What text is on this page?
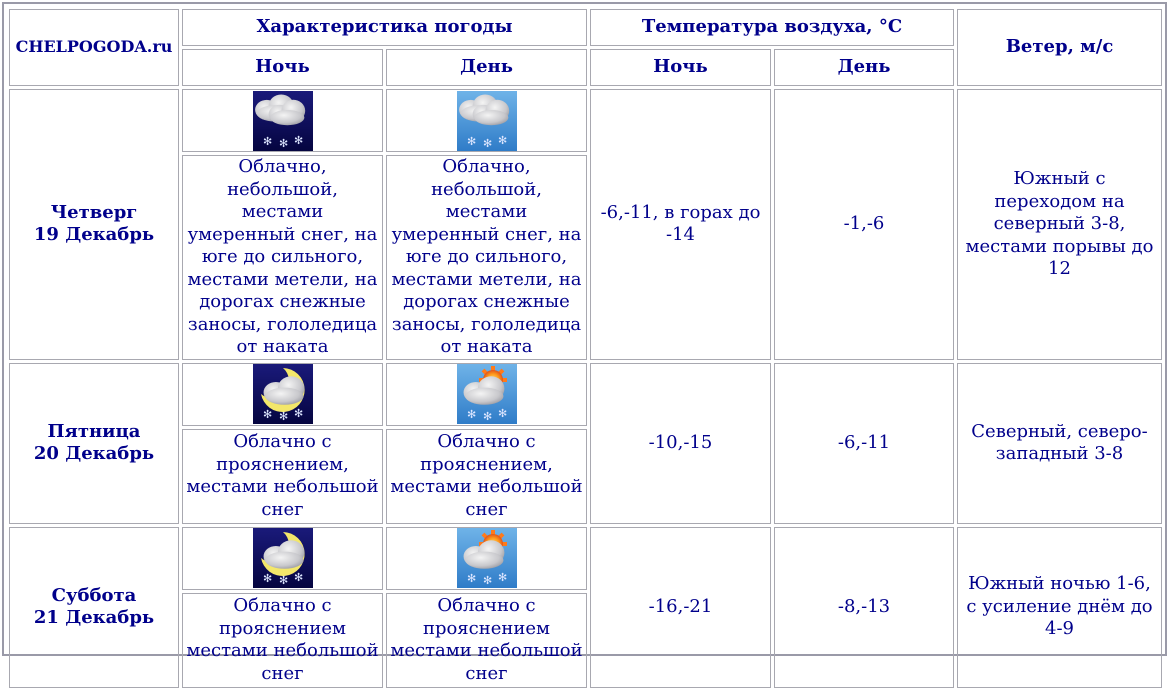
CHELPOGODA.ru	Характеристика погоды		Температура воздуха, °C		Ветер, м/с
	Ночь	День	Ночь	День	
Четверг
19 Декабрь			-6,-11, в горах до -14	-1,-6	Южный с переходом на северный 3-8, местами порывы до 12
	Облачно, небольшой, местами умеренный снег, на юге до сильного, местами метели, на дорогах снежные заносы, гололедица от наката	Облачно, небольшой, местами умеренный снег, на юге до сильного, местами метели, на дорогах снежные заносы, гололедица от наката			
Пятница
20 Декабрь			-10,-15	-6,-11	Северный, северо-западный 3-8
	Облачно с прояснением, местами небольшой снег	Облачно с прояснением, местами небольшой снег			
Суббота
21 Декабрь			-16,-21	-8,-13	Южный ночью 1-6, с усиление днём до 4-9
	Облачно с прояснением местами небольшой снег	Облачно с прояснением местами небольшой снег			
